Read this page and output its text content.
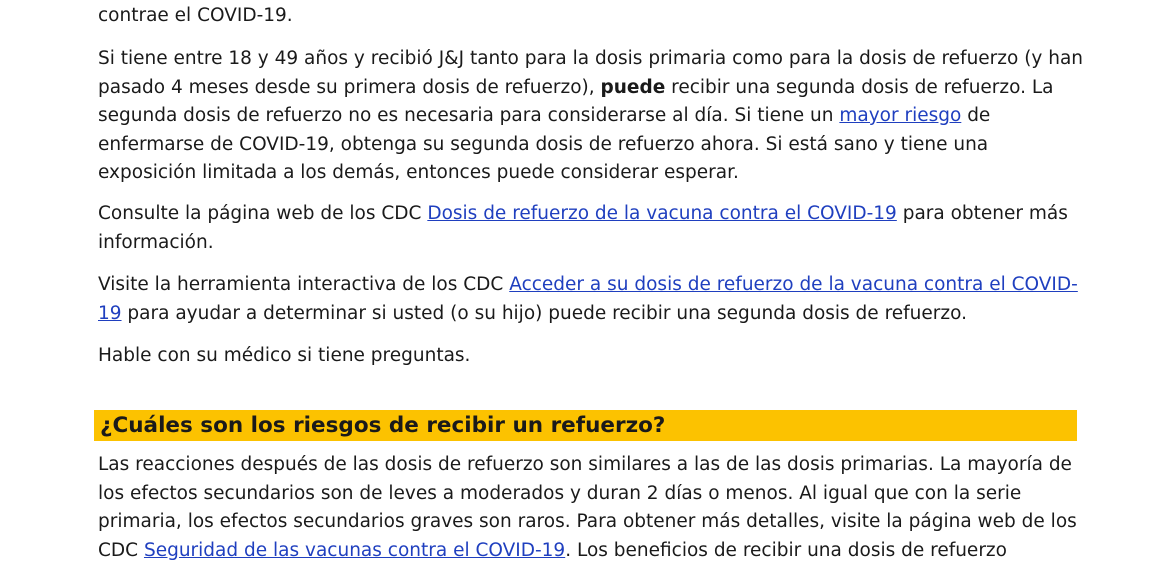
contrae el COVID-19.

Si tiene entre 18 y 49 años y recibió J&J tanto para la dosis primaria como para la dosis de refuerzo (y han pasado 4 meses desde su primera dosis de refuerzo), puede recibir una segunda dosis de refuerzo. La segunda dosis de refuerzo no es necesaria para considerarse al día. Si tiene un mayor riesgo de enfermarse de COVID-19, obtenga su segunda dosis de refuerzo ahora. Si está sano y tiene una exposición limitada a los demás, entonces puede considerar esperar.

Consulte la página web de los CDC Dosis de refuerzo de la vacuna contra el COVID-19 para obtener más información.

Visite la herramienta interactiva de los CDC Acceder a su dosis de refuerzo de la vacuna contra el COVID-19 para ayudar a determinar si usted (o su hijo) puede recibir una segunda dosis de refuerzo.

Hable con su médico si tiene preguntas.

Las reacciones después de las dosis de refuerzo son similares a las de las dosis primarias. La mayoría de los efectos secundarios son de leves a moderados y duran 2 días o menos. Al igual que con la serie primaria, los efectos secundarios graves son raros. Para obtener más detalles, visite la página web de los CDC Seguridad de las vacunas contra el COVID-19. Los beneficios de recibir una dosis de refuerzo

¿Cuáles son los riesgos de recibir un refuerzo?
